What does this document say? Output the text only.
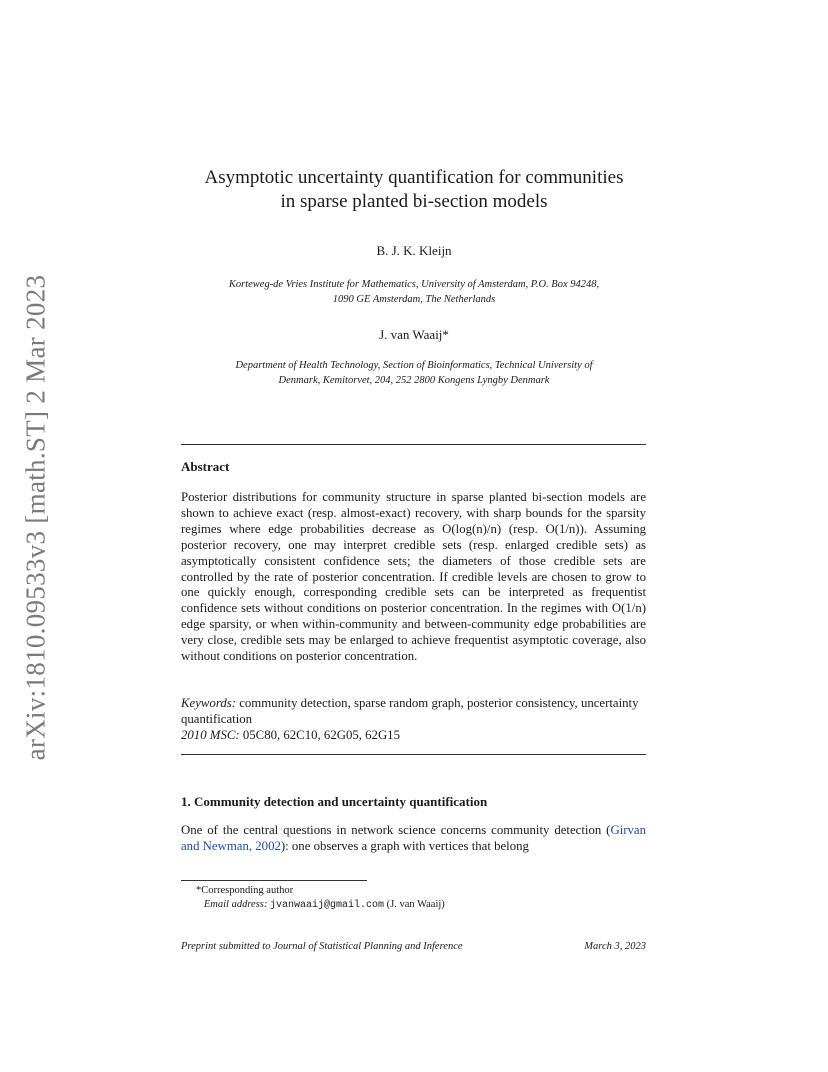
arXiv:1810.09533v3 [math.ST] 2 Mar 2023
Asymptotic uncertainty quantification for communities
in sparse planted bi-section models
B. J. K. Kleijn
Korteweg-de Vries Institute for Mathematics, University of Amsterdam, P.O. Box 94248,
1090 GE Amsterdam, The Netherlands
J. van Waaij*
Department of Health Technology, Section of Bioinformatics, Technical University of
Denmark, Kemitorvet, 204, 252 2800 Kongens Lyngby Denmark
Abstract

Posterior distributions for community structure in sparse planted bi-section models are shown to achieve exact (resp. almost-exact) recovery, with sharp bounds for the sparsity regimes where edge probabilities decrease as O(log(n)/n) (resp. O(1/n)). Assuming posterior recovery, one may interpret credible sets (resp. enlarged credible sets) as asymptotically consistent confidence sets; the diameters of those credible sets are controlled by the rate of posterior concentration. If credible levels are chosen to grow to one quickly enough, corresponding credible sets can be interpreted as frequentist confidence sets without conditions on posterior concentration. In the regimes with O(1/n) edge sparsity, or when within-community and between-community edge probabilities are very close, credible sets may be enlarged to achieve frequentist asymptotic coverage, also without conditions on posterior concentration.

Keywords: community detection, sparse random graph, posterior consistency, uncertainty quantification
2010 MSC: 05C80, 62C10, 62G05, 62G15

1. Community detection and uncertainty quantification

One of the central questions in network science concerns community detection (Girvan and Newman, 2002): one observes a graph with vertices that belong

*Corresponding author
Email address: jvanwaaij@gmail.com (J. van Waaij)

Preprint submitted to Journal of Statistical Planning and Inference	March 3, 2023
